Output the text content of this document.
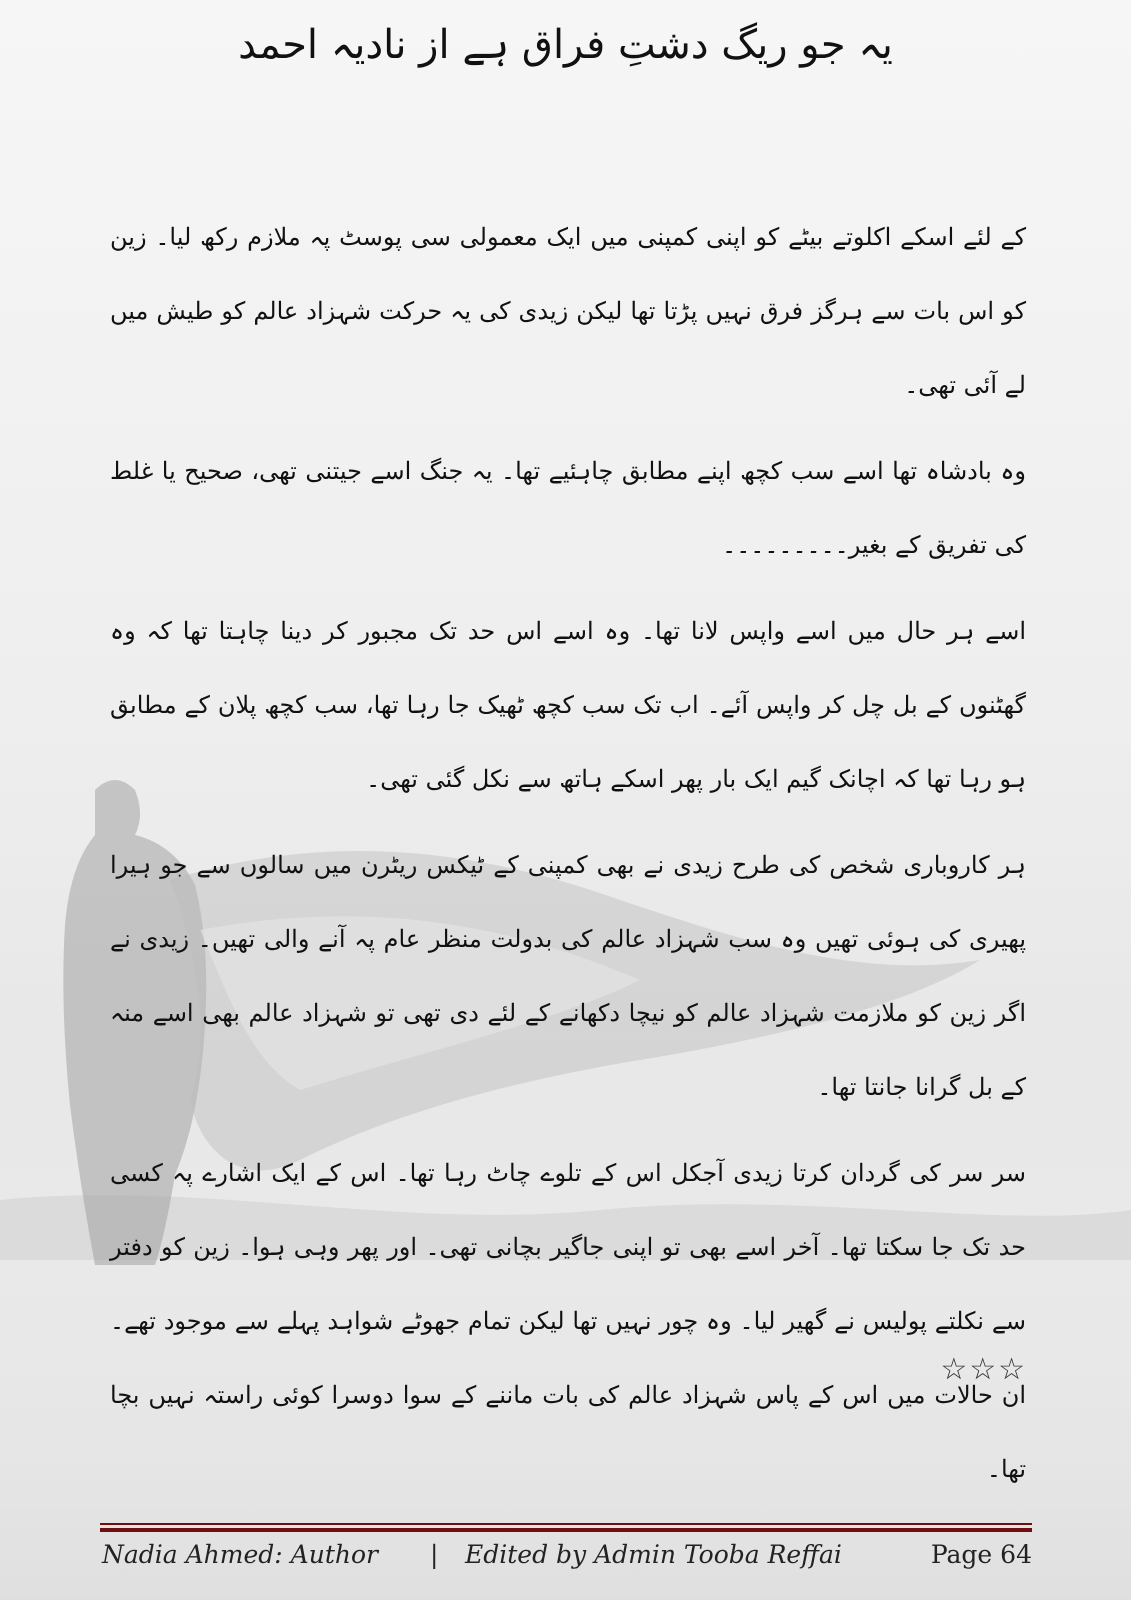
یہ جو ریگ دشتِ فراق ہے از نادیہ احمد

کے لئے اسکے اکلوتے بیٹے کو اپنی کمپنی میں ایک معمولی سی پوسٹ پہ ملازم رکھ لیا۔ زین کو اس بات سے ہرگز فرق نہیں پڑتا تھا لیکن زیدی کی یہ حرکت شہزاد عالم کو طیش میں لے آئی تھی۔

وہ بادشاہ تھا اسے سب کچھ اپنے مطابق چاہئیے تھا۔ یہ جنگ اسے جیتنی تھی، صحیح یا غلط کی تفریق کے بغیر۔۔۔۔۔۔۔۔۔

اسے ہر حال میں اسے واپس لانا تھا۔ وہ اسے اس حد تک مجبور کر دینا چاہتا تھا کہ وہ گھٹنوں کے بل چل کر واپس آئے۔ اب تک سب کچھ ٹھیک جا رہا تھا، سب کچھ پلان کے مطابق ہو رہا تھا کہ اچانک گیم ایک بار پھر اسکے ہاتھ سے نکل گئی تھی۔

ہر کاروباری شخص کی طرح زیدی نے بھی کمپنی کے ٹیکس ریٹرن میں سالوں سے جو ہیرا پھیری کی ہوئی تھیں وہ سب شہزاد عالم کی بدولت منظر عام پہ آنے والی تھیں۔ زیدی نے اگر زین کو ملازمت شہزاد عالم کو نیچا دکھانے کے لئے دی تھی تو شہزاد عالم بھی اسے منہ کے بل گرانا جانتا تھا۔

سر سر کی گردان کرتا زیدی آجکل اس کے تلوے چاٹ رہا تھا۔ اس کے ایک اشارے پہ کسی حد تک جا سکتا تھا۔ آخر اسے بھی تو اپنی جاگیر بچانی تھی۔ اور پھر وہی ہوا۔ زین کو دفتر سے نکلتے پولیس نے گھیر لیا۔ وہ چور نہیں تھا لیکن تمام جھوٹے شواہد پہلے سے موجود تھے۔ ان حالات میں اس کے پاس شہزاد عالم کی بات ماننے کے سوا دوسرا کوئی راستہ نہیں بچا تھا۔

☆☆☆
Nadia Ahmed: Author | Edited by Admin Tooba Reffai	Page 64
